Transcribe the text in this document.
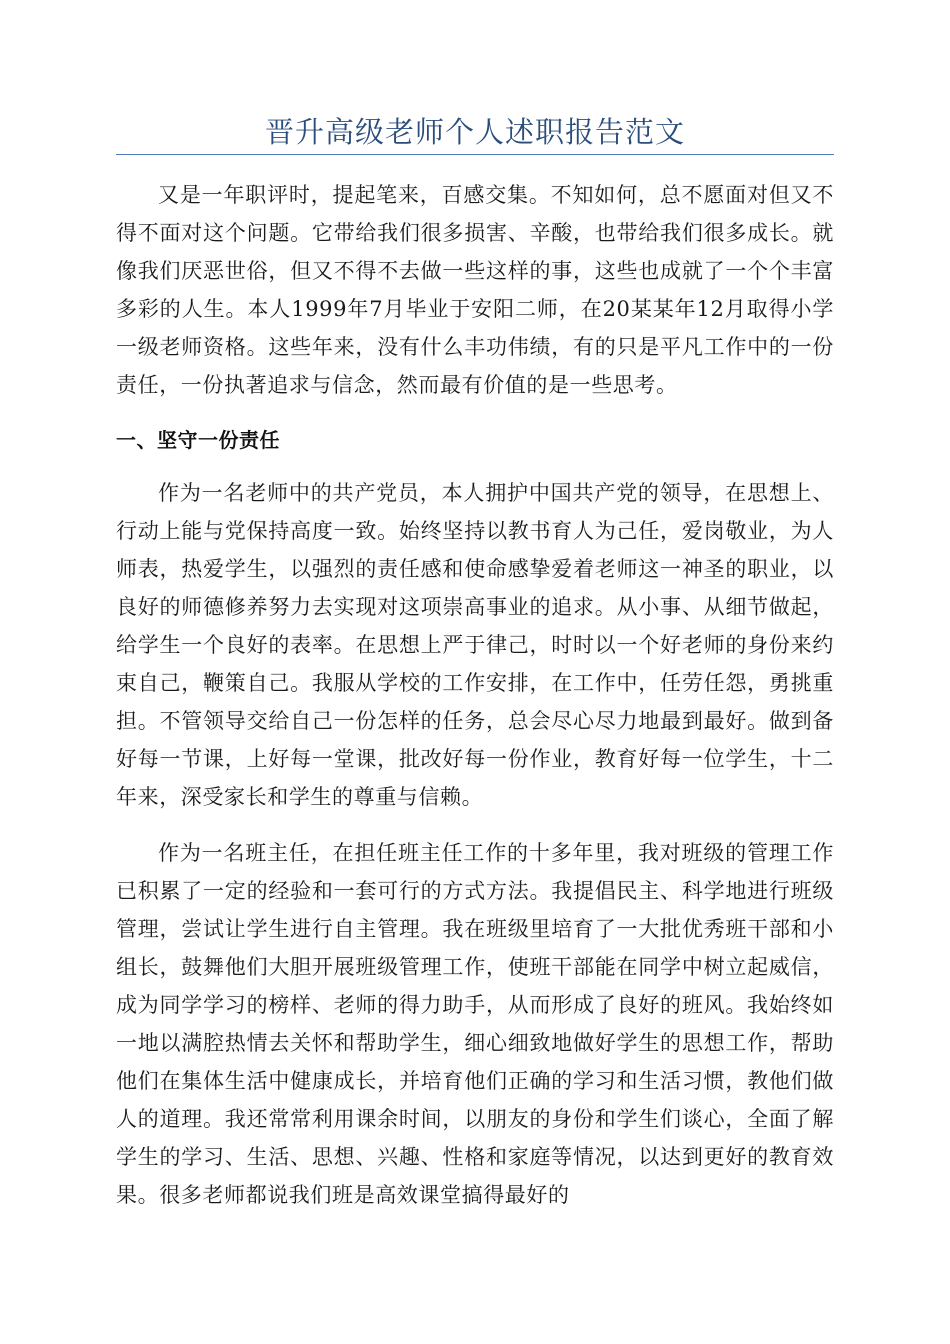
晋升高级老师个人述职报告范文

又是一年职评时，提起笔来，百感交集。不知如何，总不愿面对但又不得不面对这个问题。它带给我们很多损害、辛酸，也带给我们很多成长。就像我们厌恶世俗，但又不得不去做一些这样的事，这些也成就了一个个丰富多彩的人生。本人1999年7月毕业于安阳二师，在20某某年12月取得小学一级老师资格。这些年来，没有什么丰功伟绩，有的只是平凡工作中的一份责任，一份执著追求与信念，然而最有价值的是一些思考。

一、坚守一份责任

作为一名老师中的共产党员，本人拥护中国共产党的领导，在思想上、行动上能与党保持高度一致。始终坚持以教书育人为己任，爱岗敬业，为人师表，热爱学生，以强烈的责任感和使命感挚爱着老师这一神圣的职业，以良好的师德修养努力去实现对这项崇高事业的追求。从小事、从细节做起，给学生一个良好的表率。在思想上严于律己，时时以一个好老师的身份来约束自己，鞭策自己。我服从学校的工作安排，在工作中，任劳任怨，勇挑重担。不管领导交给自己一份怎样的任务，总会尽心尽力地最到最好。做到备好每一节课，上好每一堂课，批改好每一份作业，教育好每一位学生，十二年来，深受家长和学生的尊重与信赖。

作为一名班主任，在担任班主任工作的十多年里，我对班级的管理工作已积累了一定的经验和一套可行的方式方法。我提倡民主、科学地进行班级管理，尝试让学生进行自主管理。我在班级里培育了一大批优秀班干部和小组长，鼓舞他们大胆开展班级管理工作，使班干部能在同学中树立起威信，成为同学学习的榜样、老师的得力助手，从而形成了良好的班风。我始终如一地以满腔热情去关怀和帮助学生，细心细致地做好学生的思想工作，帮助他们在集体生活中健康成长，并培育他们正确的学习和生活习惯，教他们做人的道理。我还常常利用课余时间，以朋友的身份和学生们谈心，全面了解学生的学习、生活、思想、兴趣、性格和家庭等情况，以达到更好的教育效果。很多老师都说我们班是高效课堂搞得最好的
